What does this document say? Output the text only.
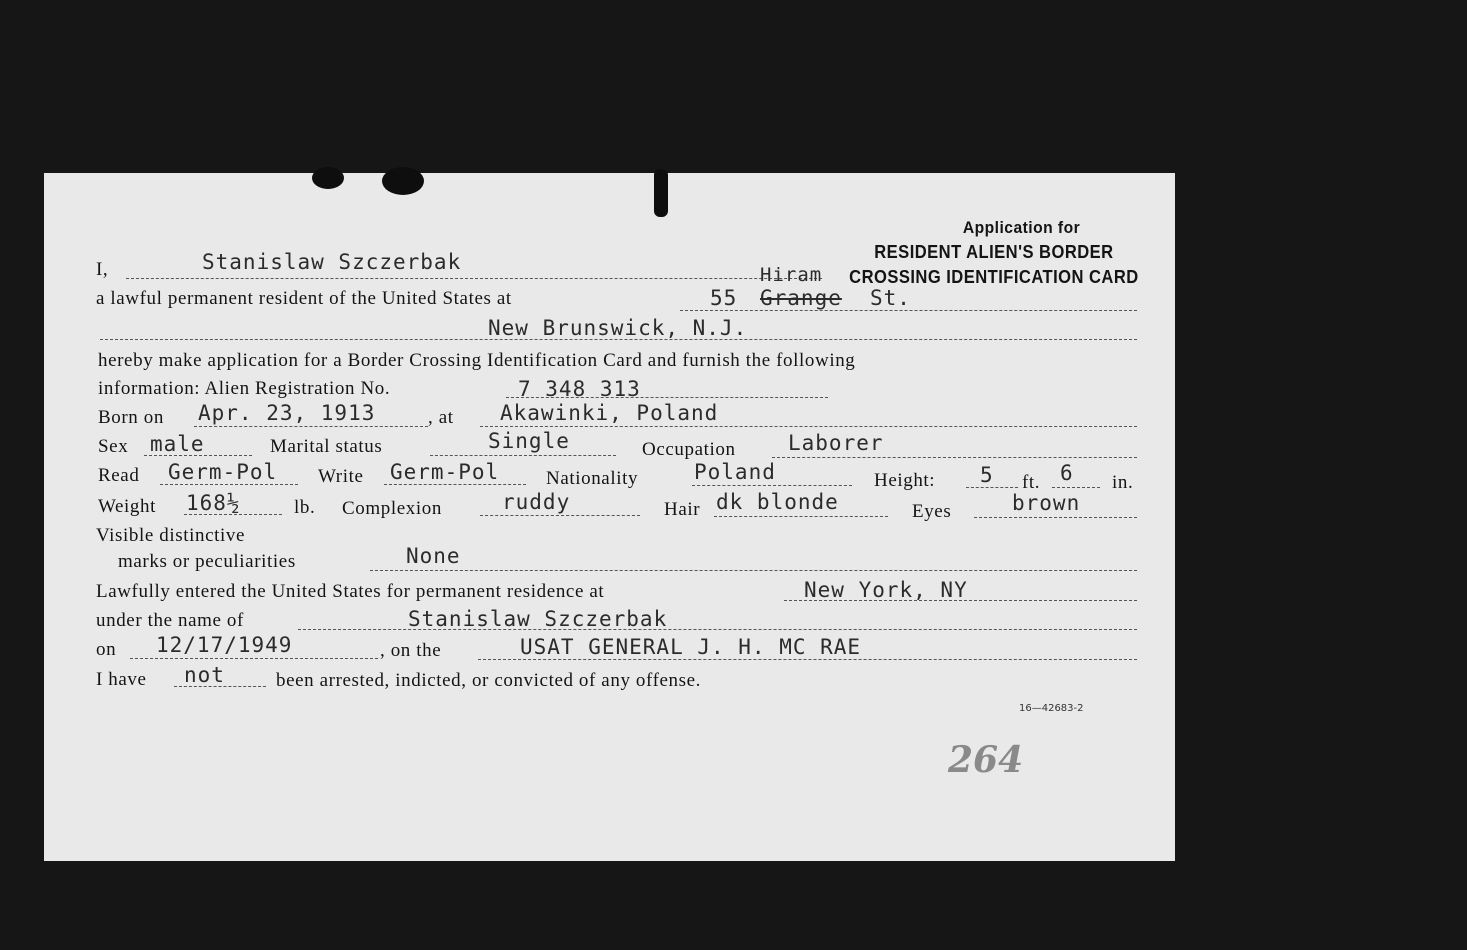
Application for
RESIDENT ALIEN'S BORDER
CROSSING IDENTIFICATION CARD
I,	Stanislaw Szczerbak
a lawful permanent resident of the United States at	55 Grange
Hiram
St.
New Brunswick, N.J.
hereby make application for a Border Crossing Identification Card and furnish the following
information: Alien Registration No.	7 348 313
Born on Apr. 23, 1913	, at Akawinki, Poland
Sex male	Marital status	Single	Occupation Laborer
Read Germ-Pol Write Germ-Pol Nationality	Poland	Height: 5 ft. 6 in.
Weight 168½	lb. Complexion	ruddy	Hair dk blonde	Eyes	brown
Visible distinctive
marks or peculiarities	None
Lawfully entered the United States for permanent residence at	New York, NY
under the name of	Stanislaw Szczerbak
on 12/17/1949	, on the	USAT GENERAL J. H. MC RAE
I have not	been arrested, indicted, or convicted of any offense.
16—42683-2
264
